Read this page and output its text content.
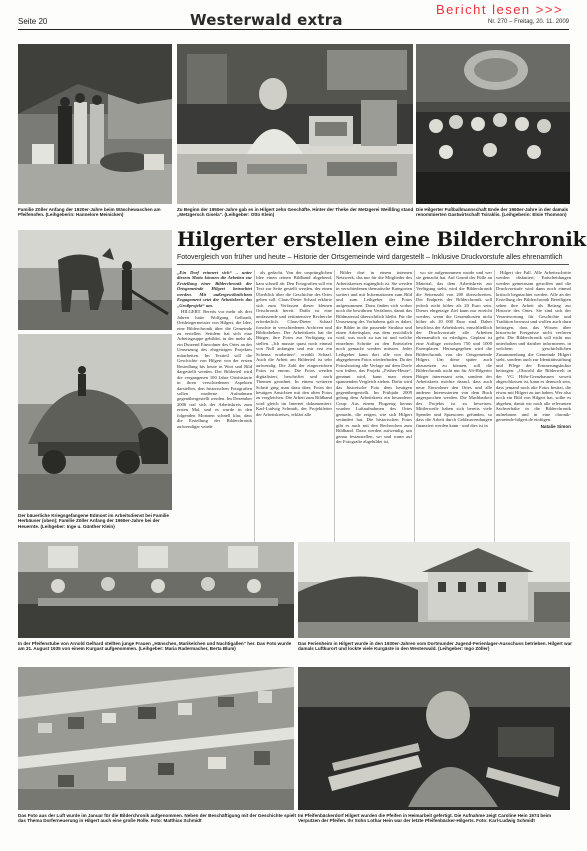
Seite 20	Westerwald extra
Bericht lesen >>>
Nr. 270 – Freitag, 20. 11. 2009
Familie Zöller Anfang der 1920er-Jahre beim Wäschewaschen am Pfeifenofen. (Leihgeberin: Hannelore Meinicken)
Zu Beginn der 1950er-Jahre gab es in Hilgert zehn Geschäfte. Hinter der Theke der Metzgerei Weißling stand „Metzgersch Gisela“. (Leihgeber: Otto Klein)
Die Hilgerter Fußballmannschaft Ende der 1960er-Jahre in der damals renommierten Gastwirtschaft Tsiraklis. (Leihgeberin: Elsie Thomson)
Hilgerter erstellen eine Bilderchronik
Fotovergleich von früher und heute – Historie der Ortsgemeinde wird dargestellt – Inklusive Druckvorstufe alles ehrenamtlich
Der bäuerliche Kriegsgefangene Edmont im Arbeitsdienst bei Familie Herbäuser (oben); Familie Zöller Anfang der 1960er-Jahre bei der Heuernte. (Leihgeber: Inge u. Günther Klein)

„Ein Dorf erinnert sich“ – unter diesem Motto können die Arbeiten zur Erstellung einer Bilderchronik der Ortsgemeinde Hilgert betrachtet werden. Mit außergewöhnlichem Engagement setzt der Arbeitskreis das „Großprojekt“ um.

HILGERT. Bereits vor mehr als drei Jahren hatte Wolfgang Gelhardt, Ortsbürgermeister von Hilgert, die Idee, eine Bilderchronik über die Gemeinde zu erstellen. Seitdem hat sich eine Arbeitsgruppe gebildet, in der mehr als ein Dutzend Einwohner des Ortes an der Umsetzung des ehrgeizigen Projektes mitarbeiten. Im Textteil soll die Geschichte von Hilgert von der ersten Besiedlung bis heute in Wort und Bild dargestellt werden. Der Bilderteil wird die vergangenen 100 Jahre Ortshistorie in ihren verschiedenen Aspekten darstellen, den historischen Fotografien sollen moderne Aufnahmen gegenübergestellt werden. Im Dezember 2006 traf sich der Arbeitskreis zum ersten Mal, und es wurde in den folgenden Monaten schnell klar, dass die Erstellung der Bilderchronik aufwendiger würde

als gedacht. Von der ursprünglichen Idee einen reinen Bildband abgehend, kam schnell ab: Den Fotografien soll ein Text zur Seite gestellt werden, der einen Überblick über die Geschichte des Ortes geben soll. Claus-Dieter Schaaf erklärte sich zum Verfassen dieser kleinen Ortschronik bereit. Dafür ist eine umfassende und zeitintensive Recherche erforderlich. Claus-Dieter Schaaf forschte in verschiedenen Archiven und Bibliotheken. Der Arbeitskreis bat die Bürger, ihre Fotos zur Verfügung zu stellen. „Ich musste quasi noch einmal von Null anfangen und mir erst ein Schema erarbeiten“, erzählt Schaaf. Auch die Arbeit am Bilderteil ist sehr aufwendig. Die Zahl der eingereichten Fotos ist enorm. Die Fotos werden digitalisiert, beschriftet und nach Themen geordnet. In einem weiteren Schritt ging man dazu über, Fotos der heutigen Ansichten mit den alten Fotos zu vergleichen. Die Arbeit zum Bildband wird gleich im Internet dokumentiert. Karl-Ludwig Schmidt, der Projektleiter der Arbeitskreises, erklärt alle

Bilder dort in einem internen Netzwerk, das nur für die Mitglieder des Arbeitskreises zugänglich ist. Sie werden in verschiedenen thematische Kategorien sortiert und mit Informationen zum Bild und zum Leihgeber der Fotos aufgenommen. Dazu finden sich vorher noch die bewährten Verfahren, damit das Bildmaterial übersichtlich bleibt. Für die Umsetzung des Vorhabens galt es dabei, die Bilder in die passende Struktur und einen Arbeitsplan, aus dem ersichtlich wird, was noch zu tun ist und welche einzelnen Schritte zu den Entwürfen noch gemacht werden müssen. Jeder Leihgeber kann dort alle von ihm abgegebenen Fotos wiederfinden. Da der Fotoshooting alle Verlage auf dem Dorfe von früher, das Projekt „Früher-Heute“, genannt wird, kann man einen spannenden Vergleich ziehen. Dafür wird das historische Foto dem heutigen gegenübergestellt. Im Frühjahr 2009 gelang dem Arbeitskreis ein besonderer Coup: Aus einem Flugzeug heraus wurden Luftaufnahmen des Ortes gemacht, die zeigen, wie sich Hilgert verändert hat. Die historischen Fotos gibt es auch mit den Recherchen zum Bildband. Dazu werden aufwendig, um genau festzustellen, wo und wann auf der Fotografie abgebildet ist,

wo sie aufgenommen wurde und wer sie gemacht hat. Auf Grund der Fülle an Material, das dem Arbeitskreis zur Verfügung steht, wird die Bilderchronik die Seitenzahl von 200 überschreiten. Der Endpreis der Bilderchronik soll jedoch nicht höher als 20 Euro sein. Dieses ehrgeizige Ziel kann nur erreicht werden, wenn die Gesamtkosten nicht höher als 20 000 Euro sind. Daher beschloss der Arbeitskreis, einschließlich der Druckvorstufe alle Arbeiten ehrenamtlich zu erledigen. Geplant ist eine Auflage zwischen 750 und 1000 Exemplaren. Herausgegeben wird die Bilderchronik von der Ortsgemeinde Hilgert. Um diese später auch abzusetzen zu können, soll die Bilderchronik nicht nur für Alt-Hilgerter Bürger interessant sein, sondern der Arbeitskreis möchte darauf, dass auch neue Einwohner den Ortes und alle anderen Interessierten von dem Buch angesprochen werden. Die Machbarkeit des Projekts ist zu beweisen. Mittlerweile haben sich bereits viele Spender und Sponsoren gefunden, so dass die Arbeit durch Geldzuwendungen finanziert werden kann - und dies ist in

Hilgert der Fall. Alle Arbeitsschritte werden diskutiert, Entscheidungen werden gemeinsam getroffen und die Druckvorstufe wird dann noch einmal kritisch begutachtet werden. Alle an der Erstellung der Bilderchronik Beteiligten sehen ihre Arbeit als Beitrag zur Historie des Ortes. Sie sind sich der Verantwortung für Geschichte und Tradition bewusst und wollen auch dazu beitragen, dass das Wissen über historische Ereignisse nicht verloren geht. Die Bilderchronik soll nicht nur unterhalten und darüber informieren, in welchem geschichtlichen Zusammenhang die Gemeinde Hilgert steht, sondern auch zur Identitätsstiftung und Pflege der Erinnerungskultur beitragen. „Obwohl die Bilderwelt in der VG Höhr-Grenzhausen soweit abgeschlossen ist, kann es dennoch sein, dass jemand noch alte Fotos besitzt, die etwas mit Hilgert zu tun haben. Wer also noch ein Bild von Hilgert hat, sollte es abgeben, damit wir noch alle relevanten Sachverhalte in die Bilderchronik aufnehmen und in eine chronik-gemeinde-hilgert.de einfügen.

Natalie Simon

In der Pfeifenstube von Arnold Gelhard stellten junge Frauen „Hänschen, Marikelchen und Nachtigallen“ her. Das Foto wurde am 31. August 1935 von einem Kurgast aufgenommen. (Leihgeber: Maria Radermacher, Berta Blum)
Das Ferienheim in Hilgert wurde in den 1930er-Jahren vom Dortmunder Jugend-Ferienlager-Ausschuss betrieben. Hilgert war damals Luftkurort und lockte viele Kurgäste in den Westerwald. (Leihgeber: Ingo Zöller)
Das Foto aus der Luft wurde im Januar für die Bilderchronik aufgenommen. Neben der Beschäftigung mit der Geschichte spielt das Thema Dorferneuerung in Hilgert auch eine große Rolle. Foto: Matthias Schmidt
Im Pfeifenbäckerdorf Hilgert wurden die Pfeifen in Heimarbeit gefertigt. Die Aufnahme zeigt Caroline Hein 1974 beim Verputzen der Pfeifen. Ihr Sohn Lothar Hein war der letzte Pfeifenbäcker-Hilgerts. Foto: Karl-Ludwig Schmidt
